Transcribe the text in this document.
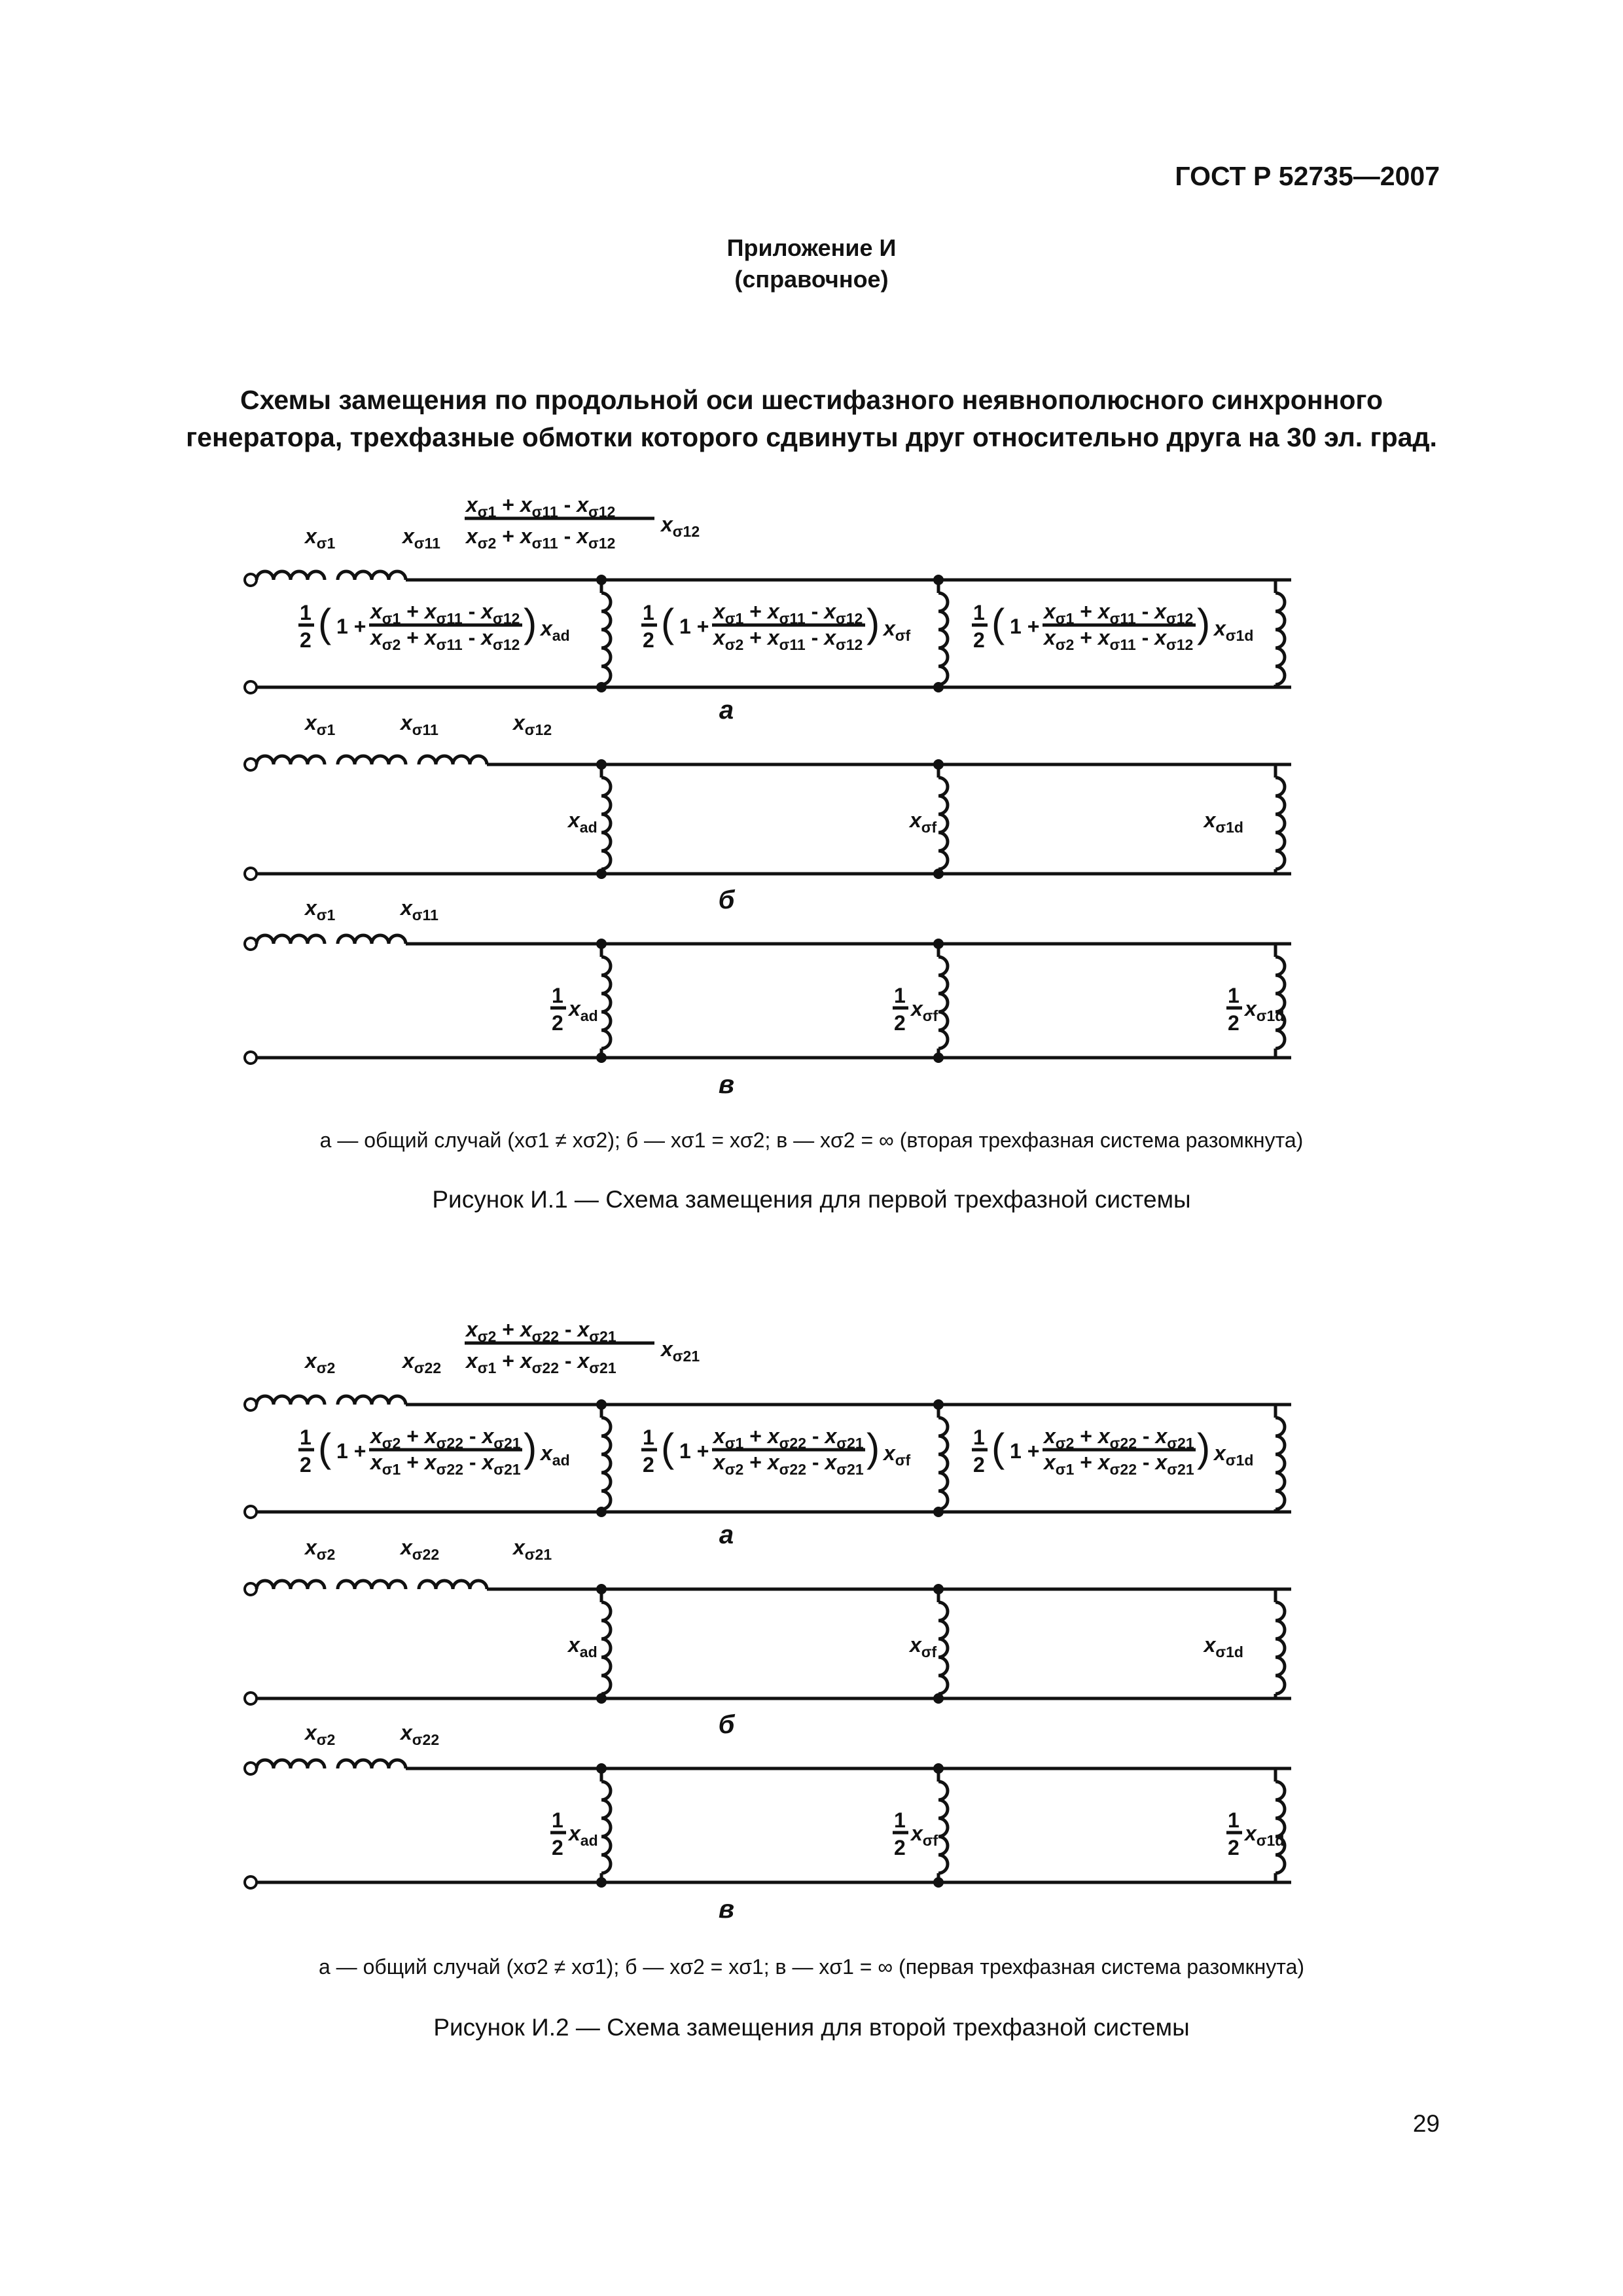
ГОСТ Р 52735—2007
Приложение И
(справочное)
Схемы замещения по продольной оси шестифазного неявнополюсного синхронного
генератора, трехфазные обмотки которого сдвинуты друг относительно друга на 30 эл. град.
$x_{\sigma 1}$	$x_{\sigma 11}$
$x_{\sigma 1} + x_{\sigma 11} - x_{\sigma 12}$
$x_{\sigma 2} + x_{\sigma 11} - x_{\sigma 12}$
$x_{\sigma 12}$
1
2 ( 1 +
$x_{\sigma 1} + x_{\sigma 11} - x_{\sigma 12}$
$x_{\sigma 2} + x_{\sigma 11} - x_{\sigma 12}$ ) $x_{ad}$
1
2 ( 1 +
$x_{\sigma 1} + x_{\sigma 11} - x_{\sigma 12}$
$x_{\sigma 2} + x_{\sigma 11} - x_{\sigma 12}$ ) $x_{\sigma f}$
1
2 ( 1 +
$x_{\sigma 1} + x_{\sigma 11} - x_{\sigma 12}$
$x_{\sigma 2} + x_{\sigma 11} - x_{\sigma 12}$ ) $x_{\sigma 1d}$
а
$x_{\sigma 1}$	$x_{\sigma 11}$	$x_{\sigma 12}$
$x_{ad}$	$x_{\sigma f}$	$x_{\sigma 1d}$
б
$x_{\sigma 1}$	$x_{\sigma 11}$
1
2
$x_{ad}$
1
2
$x_{\sigma f}$
1
2
$x_{\sigma 1d}$
в
а — общий случай (xσ1 ≠ xσ2); б — xσ1 = xσ2; в — xσ2 = ∞ (вторая трехфазная система разомкнута)
Рисунок И.1 — Схема замещения для первой трехфазной системы
$x_{\sigma 2}$	$x_{\sigma 22}$
$x_{\sigma 2} + x_{\sigma 22} - x_{\sigma 21}$
$x_{\sigma 1} + x_{\sigma 22} - x_{\sigma 21}$
$x_{\sigma 21}$
1
2 ( 1 +
$x_{\sigma 2} + x_{\sigma 22} - x_{\sigma 21}$
$x_{\sigma 1} + x_{\sigma 22} - x_{\sigma 21}$ ) $x_{ad}$
1
2 ( 1 +
$x_{\sigma 1} + x_{\sigma 22} - x_{\sigma 21}$
$x_{\sigma 2} + x_{\sigma 22} - x_{\sigma 21}$ ) $x_{\sigma f}$
1
2 ( 1 +
$x_{\sigma 2} + x_{\sigma 22} - x_{\sigma 21}$
$x_{\sigma 1} + x_{\sigma 22} - x_{\sigma 21}$ ) $x_{\sigma 1d}$
а
$x_{\sigma 2}$	$x_{\sigma 22}$	$x_{\sigma 21}$
$x_{ad}$	$x_{\sigma f}$	$x_{\sigma 1d}$
б
$x_{\sigma 2}$	$x_{\sigma 22}$
1
2
$x_{ad}$
1
2
$x_{\sigma f}$
1
2
$x_{\sigma 1d}$
в
а — общий случай (xσ2 ≠ xσ1); б — xσ2 = xσ1; в — xσ1 = ∞ (первая трехфазная система разомкнута)
Рисунок И.2 — Схема замещения для второй трехфазной системы
29
